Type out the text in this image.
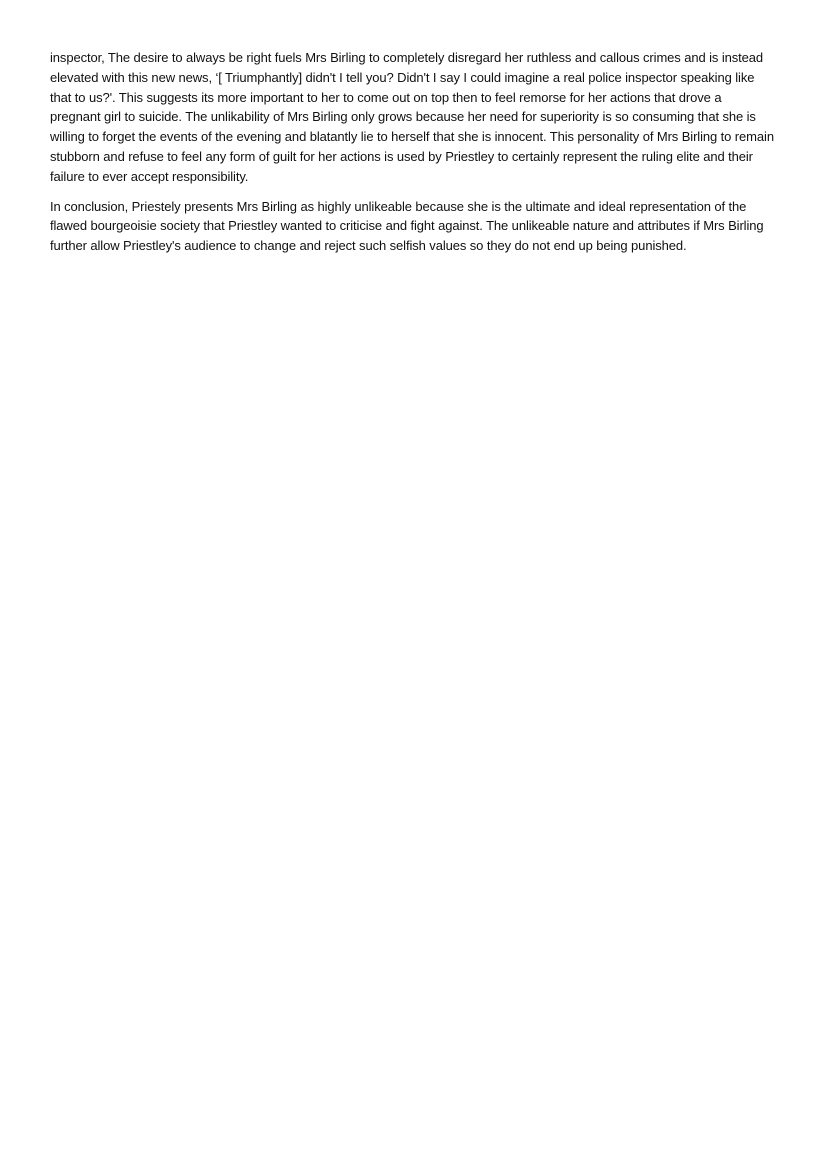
inspector, The desire to always be right fuels Mrs Birling to completely disregard her ruthless and callous crimes and is instead elevated with this new news, ‘[ Triumphantly] didn't I tell you? Didn't I say I could imagine a real police inspector speaking like that to us?'. This suggests its more important to her to come out on top then to feel remorse for her actions that drove a pregnant girl to suicide. The unlikability of Mrs Birling only grows because her need for superiority is so consuming that she is willing to forget the events of the evening and blatantly lie to herself that she is innocent. This personality of Mrs Birling to remain stubborn and refuse to feel any form of guilt for her actions is used by Priestley to certainly represent the ruling elite and their failure to ever accept responsibility.

In conclusion, Priestely presents Mrs Birling as highly unlikeable because she is the ultimate and ideal representation of the flawed bourgeoisie society that Priestley wanted to criticise and fight against. The unlikeable nature and attributes if Mrs Birling further allow Priestley's audience to change and reject such selfish values so they do not end up being punished.
